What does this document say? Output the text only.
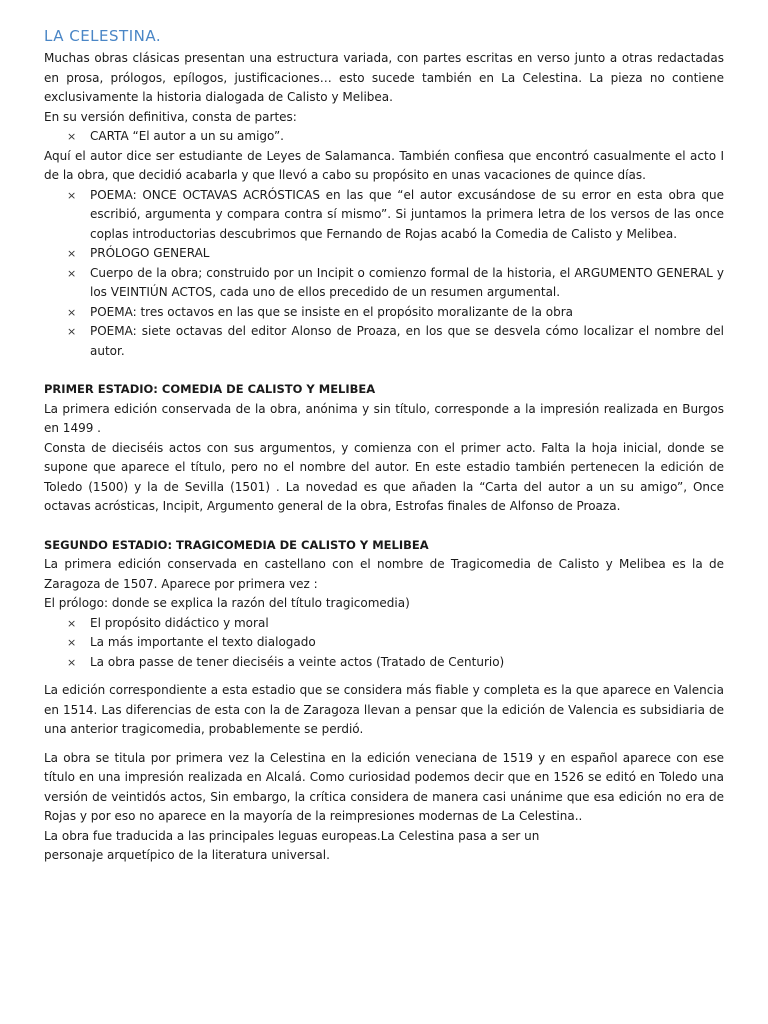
LA CELESTINA.

Muchas obras clásicas presentan una estructura variada, con partes escritas en verso junto a otras redactadas en prosa, prólogos, epílogos, justificaciones… esto sucede también en La Celestina. La pieza no contiene exclusivamente la historia dialogada de Calisto y Melibea.

En su versión definitiva, consta de partes:

× CARTA “El autor a un su amigo”.

Aquí el autor dice ser estudiante de Leyes de Salamanca. También confiesa que encontró casualmente el acto I de la obra, que decidió acabarla y que llevó a cabo su propósito en unas vacaciones de quince días.

× POEMA: ONCE OCTAVAS ACRÓSTICAS en las que “el autor excusándose de su error en esta obra que escribió, argumenta y compara contra sí mismo”. Si juntamos la primera letra de los versos de las once coplas introductorias descubrimos que Fernando de Rojas acabó la Comedia de Calisto y Melibea.
× PRÓLOGO GENERAL
× Cuerpo de la obra; construido por un Incipit o comienzo formal de la historia, el ARGUMENTO GENERAL y los VEINTIÚN ACTOS, cada uno de ellos precedido de un resumen argumental.
× POEMA: tres octavos en las que se insiste en el propósito moralizante de la obra
× POEMA: siete octavas del editor Alonso de Proaza, en los que se desvela cómo localizar el nombre del autor.
PRIMER ESTADIO: COMEDIA DE CALISTO Y MELIBEA

La primera edición conservada de la obra, anónima y sin título, corresponde a la impresión realizada en Burgos en 1499 .

Consta de dieciséis actos con sus argumentos, y comienza con el primer acto. Falta la hoja inicial, donde se supone que aparece el título, pero no el nombre del autor. En este estadio también pertenecen la edición de Toledo (1500) y la de Sevilla (1501) . La novedad es que añaden la “Carta del autor a un su amigo”, Once octavas acrósticas, Incipit, Argumento general de la obra, Estrofas finales de Alfonso de Proaza.

SEGUNDO ESTADIO: TRAGICOMEDIA DE CALISTO Y MELIBEA

La primera edición conservada en castellano con el nombre de Tragicomedia de Calisto y Melibea es la de Zaragoza de 1507. Aparece por primera vez :

El prólogo: donde se explica la razón del título tragicomedia)

× El propósito didáctico y moral
× La más importante el texto dialogado
× La obra passe de tener dieciséis a veinte actos (Tratado de Centurio)

La edición correspondiente a esta estadio que se considera más fiable y completa es la que aparece en Valencia en 1514. Las diferencias de esta con la de Zaragoza llevan a pensar que la edición de Valencia es subsidiaria de una anterior tragicomedia, probablemente se perdió.

La obra se titula por primera vez la Celestina en la edición veneciana de 1519 y en español aparece con ese título en una impresión realizada en Alcalá. Como curiosidad podemos decir que en 1526 se editó en Toledo una versión de veintidós actos, Sin embargo, la crítica considera de manera casi unánime que esa edición no era de Rojas y por eso no aparece en la mayoría de la reimpresiones modernas de La Celestina..

La obra fue traducida a las principales leguas europeas.La Celestina pasa a ser un

personaje arquetípico de la literatura universal.
